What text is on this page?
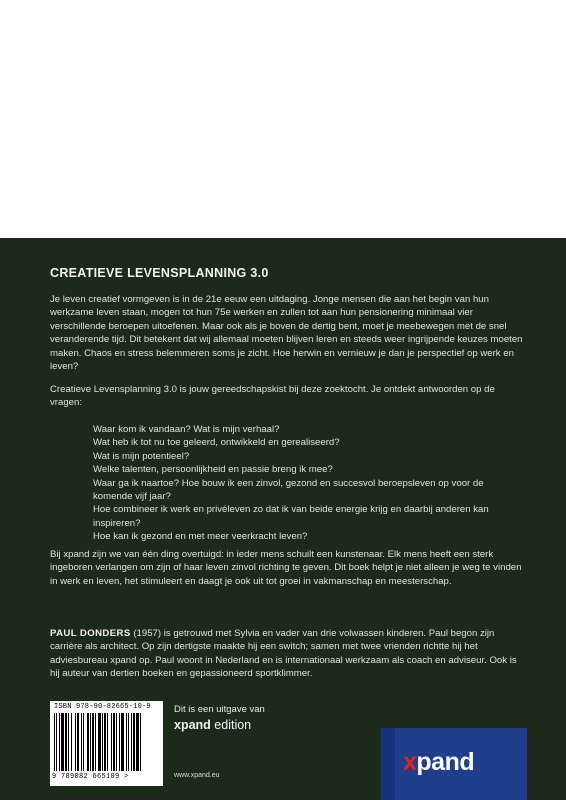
CREATIEVE LEVENSPLANNING 3.0

Je leven creatief vormgeven is in de 21e eeuw een uitdaging. Jonge mensen die aan het begin van hun werkzame leven staan, mogen tot hun 75e werken en zullen tot aan hun pensionering minimaal vier verschillende beroepen uitoefenen. Maar ook als je boven de dertig bent, moet je meebewegen met de snel veranderende tijd. Dit betekent dat wij allemaal moeten blijven leren en steeds weer ingrijpende keuzes moeten maken. Chaos en stress belemmeren soms je zicht. Hoe herwin en vernieuw je dan je perspectief op werk en leven?

Creatieve Levensplanning 3.0 is jouw gereedschapskist bij deze zoektocht. Je ontdekt antwoorden op de vragen:

Waar kom ik vandaan? Wat is mijn verhaal?
Wat heb ik tot nu toe geleerd, ontwikkeld en gerealiseerd?
Wat is mijn potentieel?
Welke talenten, persoonlijkheid en passie breng ik mee?
Waar ga ik naartoe? Hoe bouw ik een zinvol, gezond en succesvol beroepsleven op voor de komende vijf jaar?
Hoe combineer ik werk en privéleven zo dat ik van beide energie krijg en daarbij anderen kan inspireren?
Hoe kan ik gezond en met meer veerkracht leven?

Bij xpand zijn we van één ding overtuigd: in ieder mens schuilt een kunstenaar. Elk mens heeft een sterk ingeboren verlangen om zijn of haar leven zinvol richting te geven. Dit boek helpt je niet alleen je weg te vinden in werk en leven, het stimuleert en daagt je ook uit tot groei in vakmanschap en meesterschap.

PAUL DONDERS (1957) is getrouwd met Sylvia en vader van drie volwassen kinderen. Paul begon zijn carrière als architect. Op zijn dertigste maakte hij een switch; samen met twee vrienden richtte hij het adviesbureau xpand op. Paul woont in Nederland en is internationaal werkzaam als coach en adviseur. Ook is hij auteur van dertien boeken en gepassioneerd sportklimmer.

ISBN 978-90-82665-10-9
9 789082 665109 >
Dit is een uitgave van
xpand edition
www.xpand.eu	xpand
